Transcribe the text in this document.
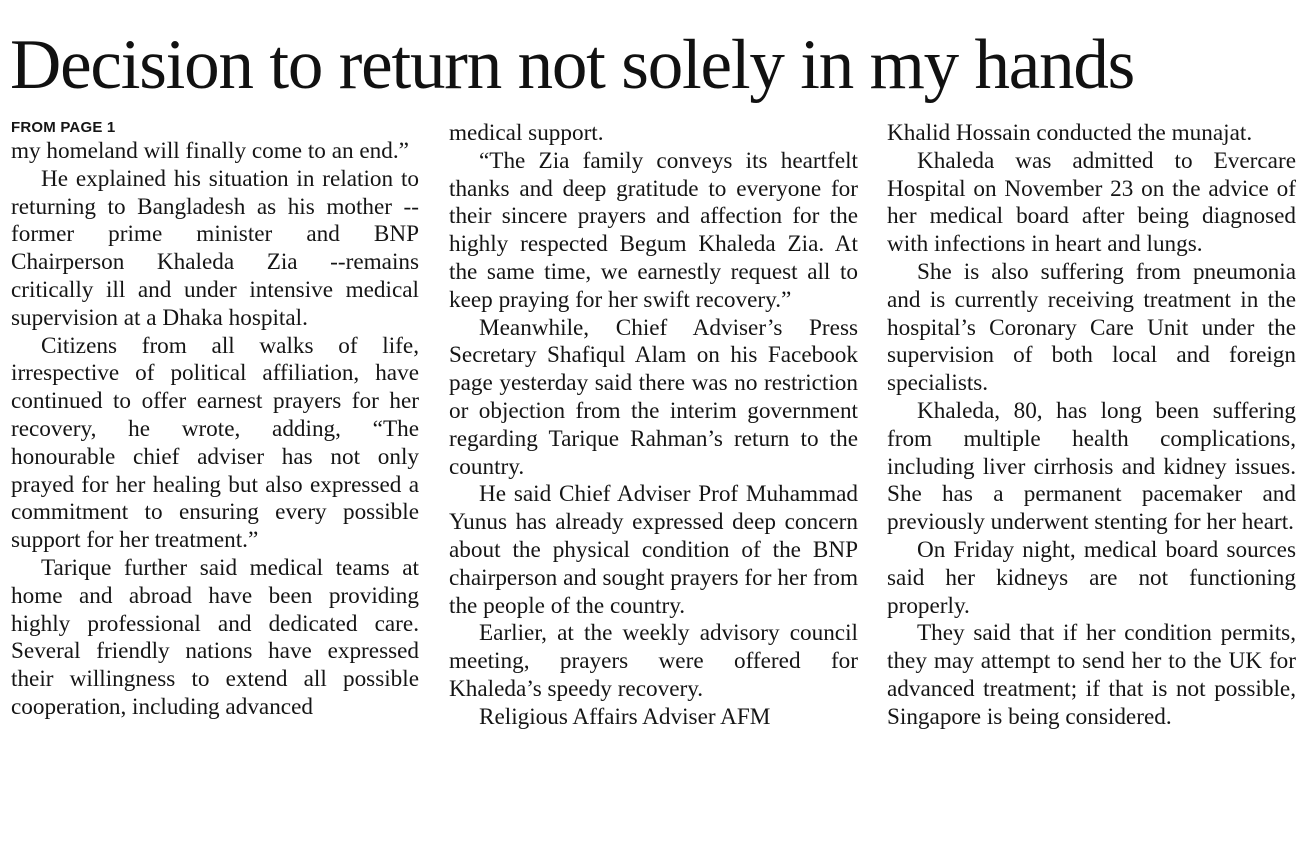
Decision to return not solely in my hands
FROM PAGE 1

my homeland will finally come to an end.”

He explained his situation in relation to returning to Bangladesh as his mother -- former prime minister and BNP Chairperson Khaleda Zia --remains critically ill and under intensive medical supervision at a Dhaka hospital.

Citizens from all walks of life, irrespective of political affiliation, have continued to offer earnest prayers for her recovery, he wrote, adding, “The honourable chief adviser has not only prayed for her healing but also expressed a commitment to ensuring every possible support for her treatment.”

Tarique further said medical teams at home and abroad have been providing highly professional and dedicated care. Several friendly nations have expressed their willingness to extend all possible cooperation, including advanced

medical support.

“The Zia family conveys its heartfelt thanks and deep gratitude to everyone for their sincere prayers and affection for the highly respected Begum Khaleda Zia. At the same time, we earnestly request all to keep praying for her swift recovery.”

Meanwhile, Chief Adviser’s Press Secretary Shafiqul Alam on his Facebook page yesterday said there was no restriction or objection from the interim government regarding Tarique Rahman’s return to the country.

He said Chief Adviser Prof Muhammad Yunus has already expressed deep concern about the physical condition of the BNP chairperson and sought prayers for her from the people of the country.

Earlier, at the weekly advisory council meeting, prayers were offered for Khaleda’s speedy recovery.

Religious Affairs Adviser AFM

Khalid Hossain conducted the munajat.

Khaleda was admitted to Evercare Hospital on November 23 on the advice of her medical board after being diagnosed with infections in heart and lungs.

She is also suffering from pneumonia and is currently receiving treatment in the hospital’s Coronary Care Unit under the supervision of both local and foreign specialists.

Khaleda, 80, has long been suffering from multiple health complications, including liver cirrhosis and kidney issues. She has a permanent pacemaker and previously underwent stenting for her heart.

On Friday night, medical board sources said her kidneys are not functioning properly.

They said that if her condition permits, they may attempt to send her to the UK for advanced treatment; if that is not possible, Singapore is being considered.
